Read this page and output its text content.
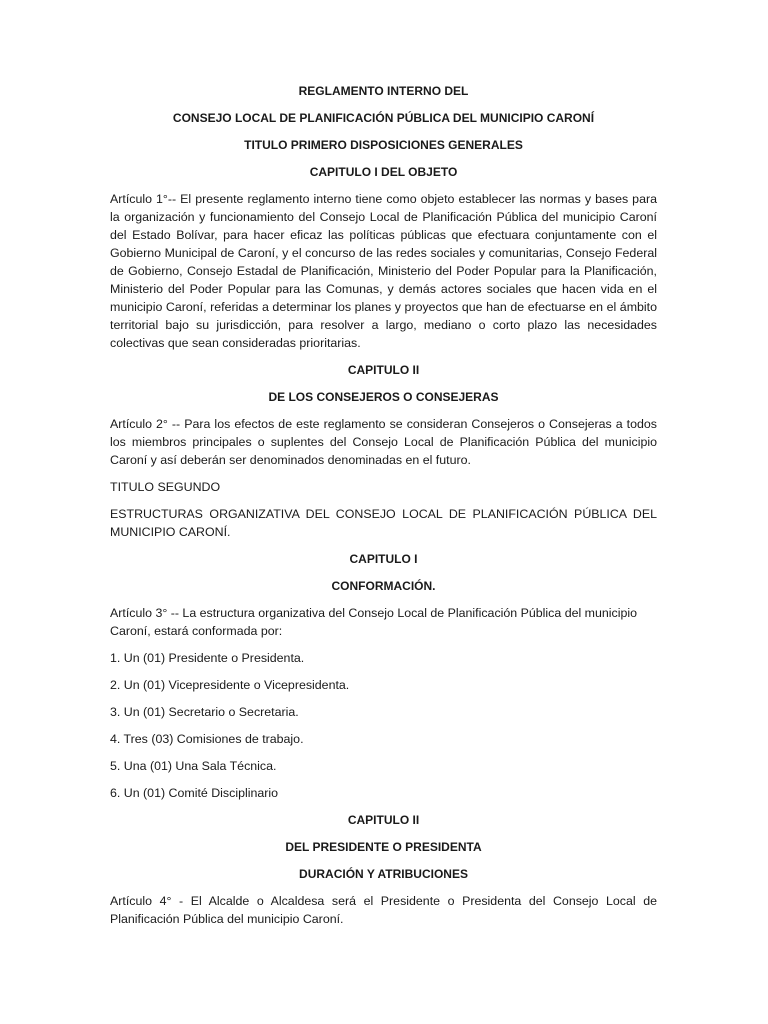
REGLAMENTO INTERNO DEL
CONSEJO LOCAL DE PLANIFICACIÓN PÚBLICA DEL MUNICIPIO CARONÍ
TITULO PRIMERO DISPOSICIONES GENERALES
CAPITULO I DEL OBJETO
Artículo 1°-- El presente reglamento interno tiene como objeto establecer las normas y bases para la organización y funcionamiento del Consejo Local de Planificación Pública del municipio Caroní del Estado Bolívar, para hacer eficaz las políticas públicas que efectuara conjuntamente con el Gobierno Municipal de Caroní, y el concurso de las redes sociales y comunitarias, Consejo Federal de Gobierno, Consejo Estadal de Planificación, Ministerio del Poder Popular para la Planificación, Ministerio del Poder Popular para las Comunas, y demás actores sociales que hacen vida en el municipio Caroní, referidas a determinar los planes y proyectos que han de efectuarse en el ámbito territorial bajo su jurisdicción, para resolver a largo, mediano o corto plazo las necesidades colectivas que sean consideradas prioritarias.
CAPITULO II
DE LOS CONSEJEROS O CONSEJERAS
Artículo 2° -- Para los efectos de este reglamento se consideran Consejeros o Consejeras a todos los miembros principales o suplentes del Consejo Local de Planificación Pública del municipio Caroní y así deberán ser denominados denominadas en el futuro.
TITULO SEGUNDO
ESTRUCTURAS ORGANIZATIVA DEL CONSEJO LOCAL DE PLANIFICACIÓN PÚBLICA DEL MUNICIPIO CARONÍ.
CAPITULO I
CONFORMACIÓN.
Artículo 3° -- La estructura organizativa del Consejo Local de Planificación Pública del municipio Caroní, estará conformada por:
1. Un (01) Presidente o Presidenta.
2. Un (01) Vicepresidente o Vicepresidenta.
3. Un (01) Secretario o Secretaria.
4. Tres (03) Comisiones de trabajo.
5. Una (01) Una Sala Técnica.
6. Un (01) Comité Disciplinario
CAPITULO II
DEL PRESIDENTE O PRESIDENTA
DURACIÓN Y ATRIBUCIONES
Artículo 4° - El Alcalde o Alcaldesa será el Presidente o Presidenta del Consejo Local de Planificación Pública del municipio Caroní.
